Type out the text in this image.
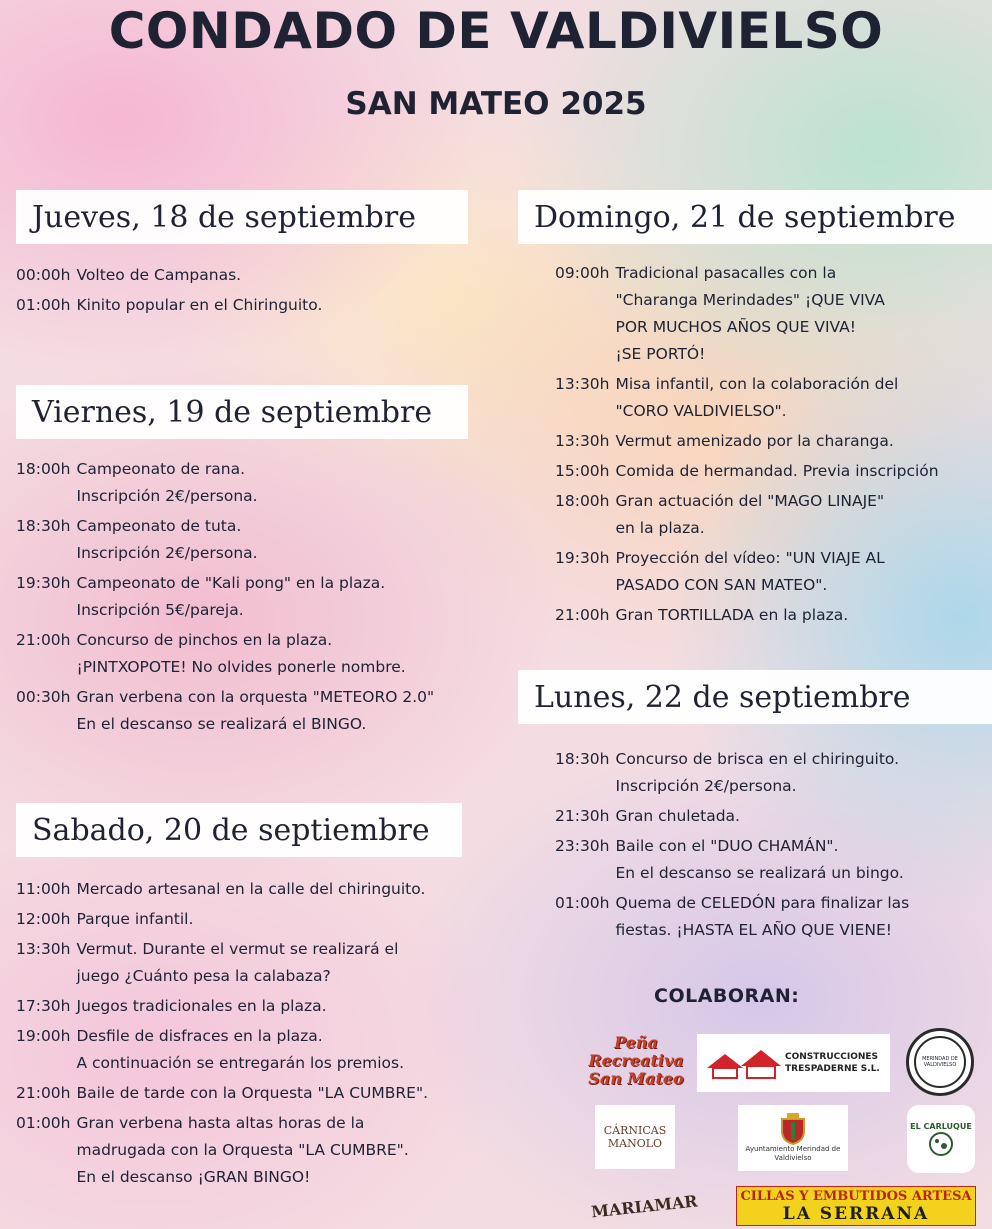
CONDADO DE VALDIVIELSO
SAN MATEO 2025
Jueves, 18 de septiembre
00:00h Volteo de Campanas.
01:00h Kinito popular en el Chiringuito.
Viernes, 19 de septiembre
18:00h Campeonato de rana.
Inscripción 2€/persona.
18:30h Campeonato de tuta.
Inscripción 2€/persona.
19:30h Campeonato de "Kali pong" en la plaza.
Inscripción 5€/pareja.
21:00h Concurso de pinchos en la plaza.
¡PINTXOPOTE! No olvides ponerle nombre.
00:30h Gran verbena con la orquesta "METEORO 2.0"
En el descanso se realizará el BINGO.
Sabado, 20 de septiembre
11:00h Mercado artesanal en la calle del chiringuito.
12:00h Parque infantil.
13:30h Vermut. Durante el vermut se realizará el
juego ¿Cuánto pesa la calabaza?
17:30h Juegos tradicionales en la plaza.
19:00h Desfile de disfraces en la plaza.
A continuación se entregarán los premios.
21:00h Baile de tarde con la Orquesta "LA CUMBRE".
01:00h Gran verbena hasta altas horas de la
madrugada con la Orquesta "LA CUMBRE".
En el descanso ¡GRAN BINGO!
Domingo, 21 de septiembre
09:00h Tradicional pasacalles con la
"Charanga Merindades" ¡QUE VIVA
POR MUCHOS AÑOS QUE VIVA!
¡SE PORTÓ!
13:30h Misa infantil, con la colaboración del
"CORO VALDIVIELSO".
13:30h Vermut amenizado por la charanga.
15:00h Comida de hermandad. Previa inscripción
18:00h Gran actuación del "MAGO LINAJE"
en la plaza.
19:30h Proyección del vídeo: "UN VIAJE AL
PASADO CON SAN MATEO".
21:00h Gran TORTILLADA en la plaza.
Lunes, 22 de septiembre
18:30h Concurso de brisca en el chiringuito.
Inscripción 2€/persona.
21:30h Gran chuletada.
23:30h Baile con el "DUO CHAMÁN".
En el descanso se realizará un bingo.
01:00h Quema de CELEDÓN para finalizar las
fiestas. ¡HASTA EL AÑO QUE VIENE!
COLABORAN:
Peña Recreativa San Mateo
CONSTRUCCIONES TRESPADERNE S.L.
MERINDAD DE VALDIVIELSO
CÁRNICAS MANOLO	Ayuntamiento Merindad de Valdivielso
EL CARLUQUE
MARIAMAR	CILLAS Y EMBUTIDOS ARTESA
LA SERRANA
